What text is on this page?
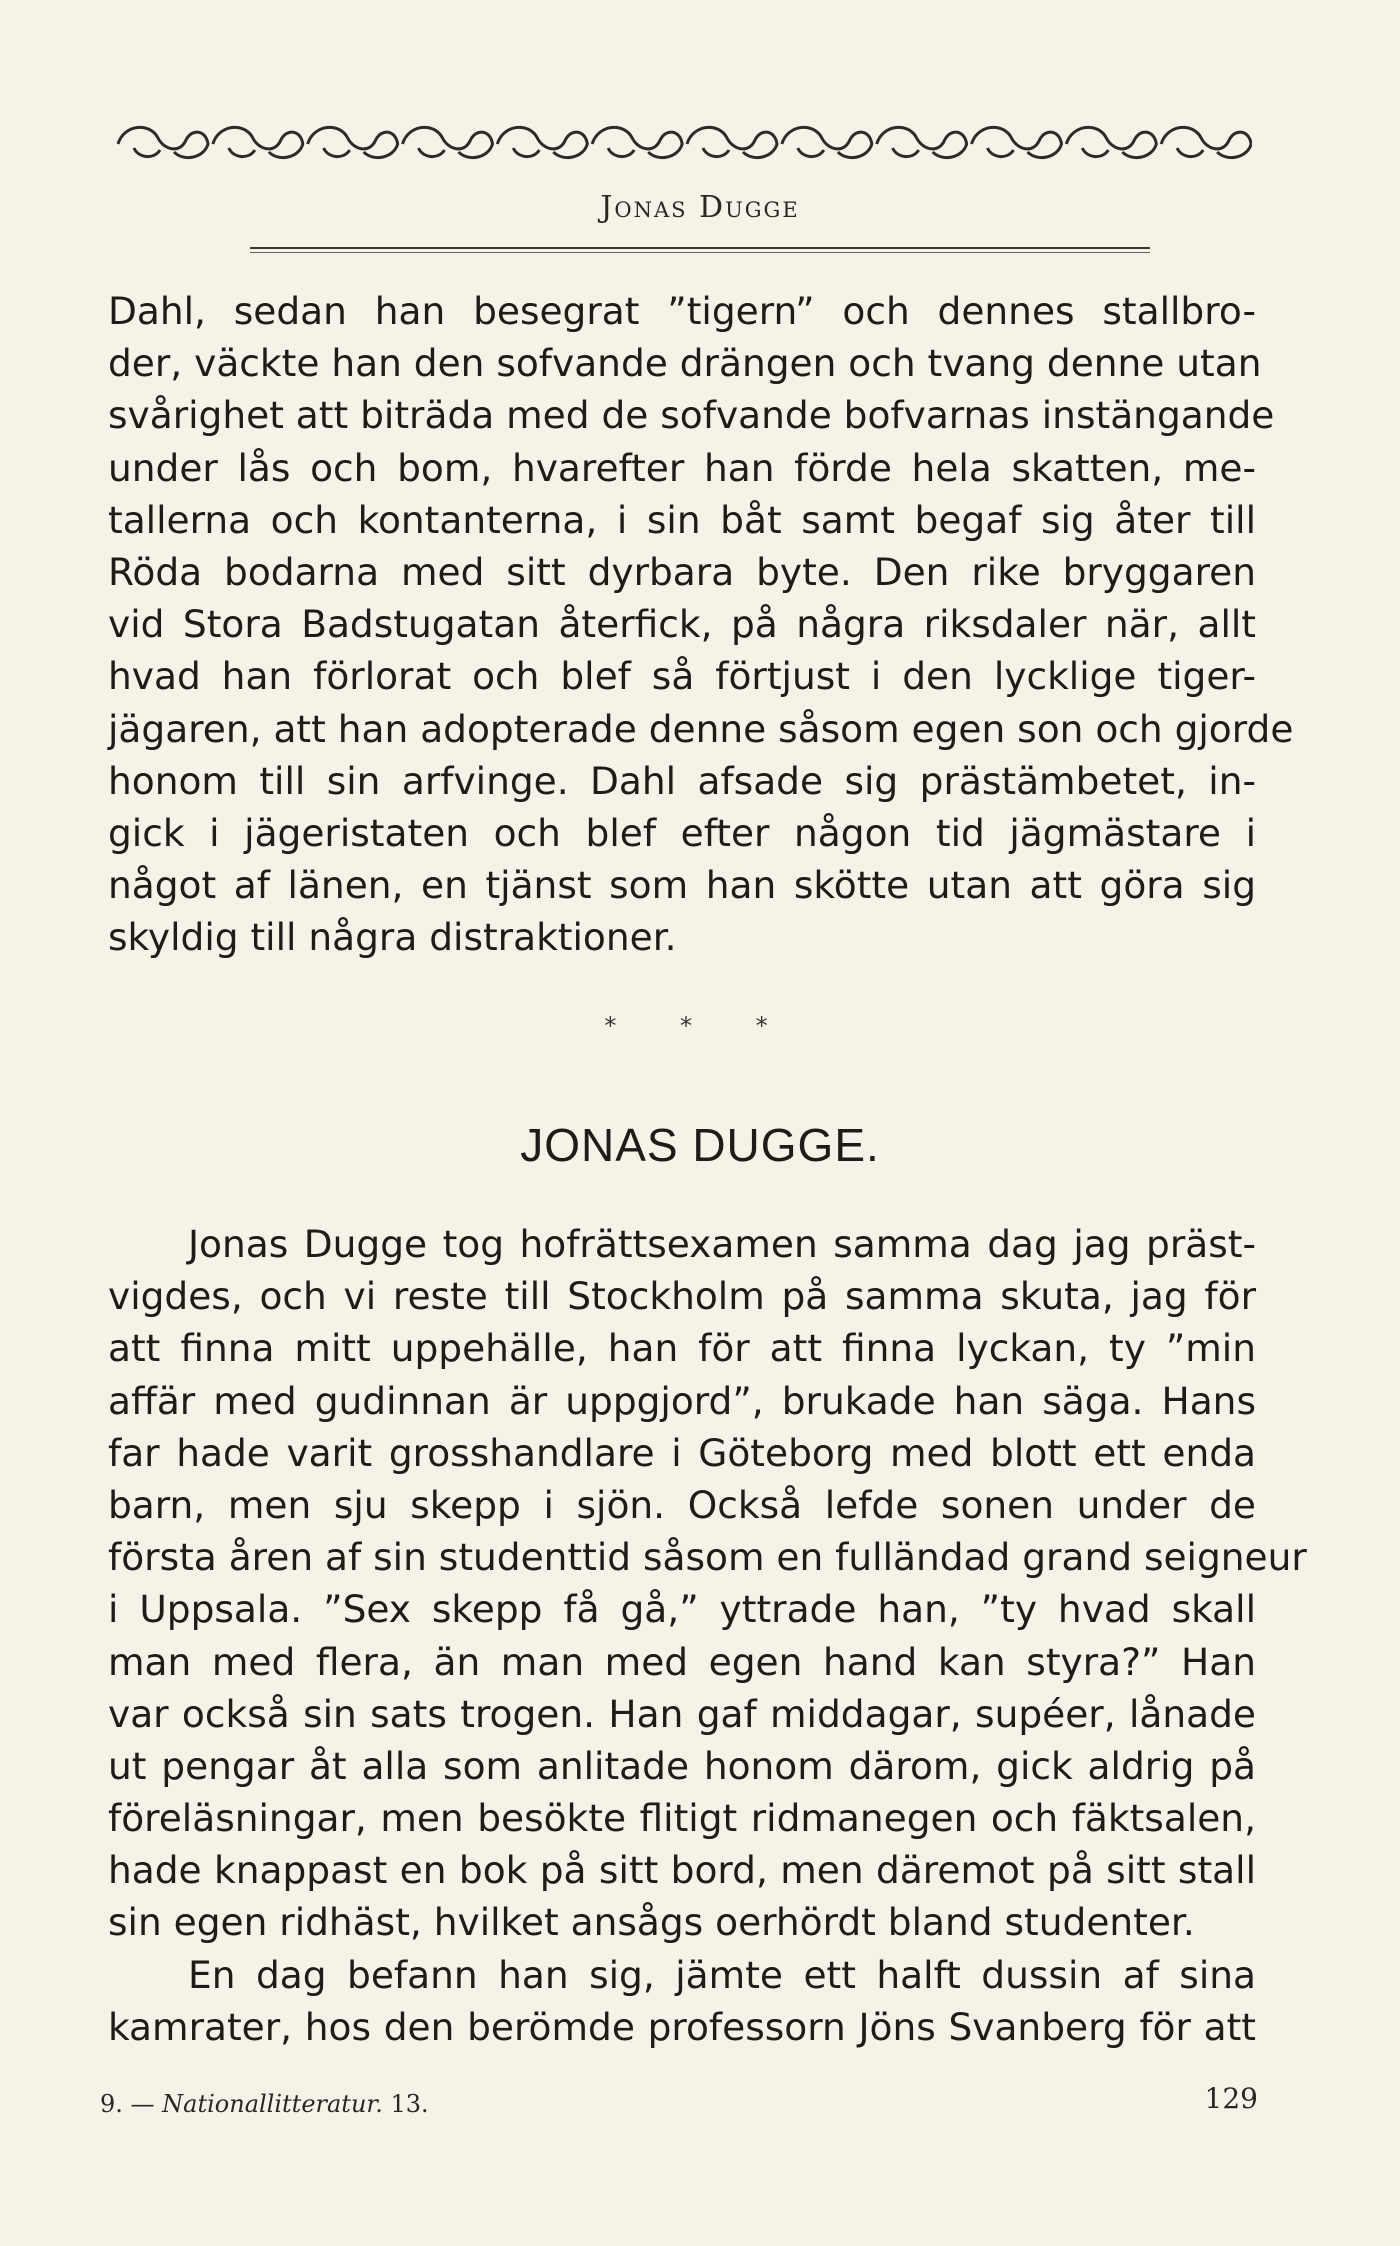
Jonas Dugge
Dahl, sedan han besegrat ”tigern” och dennes stallbro-
der, väckte han den sofvande drängen och tvang denne utan
svårighet att biträda med de sofvande bofvarnas instängande
under lås och bom, hvarefter han förde hela skatten, me-
tallerna och kontanterna, i sin båt samt begaf sig åter till
Röda bodarna med sitt dyrbara byte. Den rike bryggaren
vid Stora Badstugatan återfick, på några riksdaler när, allt
hvad han förlorat och blef så förtjust i den lycklige tiger-
jägaren, att han adopterade denne såsom egen son och gjorde
honom till sin arfvinge. Dahl afsade sig prästämbetet, in-
gick i jägeristaten och blef efter någon tid jägmästare i
något af länen, en tjänst som han skötte utan att göra sig
skyldig till några distraktioner.
* * *
JONAS DUGGE.
Jonas Dugge tog hofrättsexamen samma dag jag präst-
vigdes, och vi reste till Stockholm på samma skuta, jag för
att finna mitt uppehälle, han för att finna lyckan, ty ”min
affär med gudinnan är uppgjord”, brukade han säga. Hans
far hade varit grosshandlare i Göteborg med blott ett enda
barn, men sju skepp i sjön. Också lefde sonen under de
första åren af sin studenttid såsom en fulländad grand seigneur
i Uppsala. ”Sex skepp få gå,” yttrade han, ”ty hvad skall
man med flera, än man med egen hand kan styra?” Han
var också sin sats trogen. Han gaf middagar, supéer, lånade
ut pengar åt alla som anlitade honom därom, gick aldrig på
föreläsningar, men besökte flitigt ridmanegen och fäktsalen,
hade knappast en bok på sitt bord, men däremot på sitt stall
sin egen ridhäst, hvilket ansågs oerhördt bland studenter.
En dag befann han sig, jämte ett halft dussin af sina
kamrater, hos den berömde professorn Jöns Svanberg för att
9. — Nationallitteratur. 13.	129
